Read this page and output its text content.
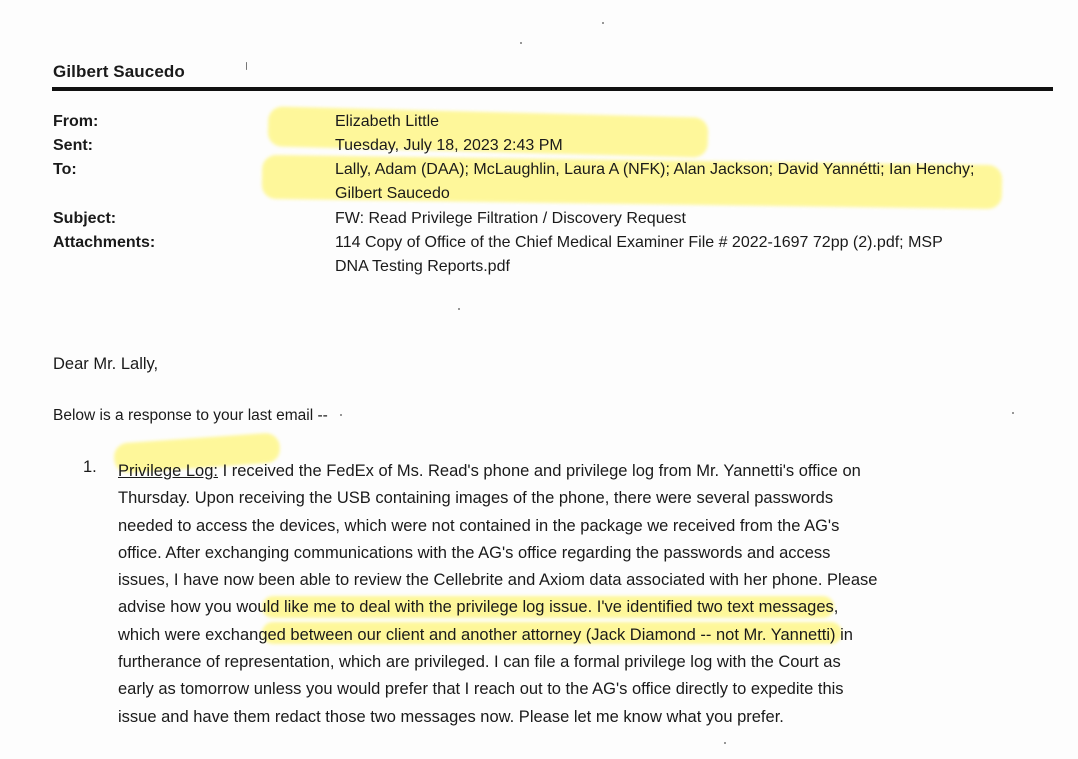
Gilbert Saucedo
From:	Elizabeth Little
Sent:	Tuesday, July 18, 2023 2:43 PM
To:	Lally, Adam (DAA); McLaughlin, Laura A (NFK); Alan Jackson; David Yannétti; Ian Henchy;
Gilbert Saucedo
Subject:	FW: Read Privilege Filtration / Discovery Request
Attachments:	114 Copy of Office of the Chief Medical Examiner File # 2022-1697 72pp (2).pdf; MSP
DNA Testing Reports.pdf
Dear Mr. Lally,
Below is a response to your last email --
1. Privilege Log: I received the FedEx of Ms. Read's phone and privilege log from Mr. Yannetti's office on
Thursday. Upon receiving the USB containing images of the phone, there were several passwords
needed to access the devices, which were not contained in the package we received from the AG's
office. After exchanging communications with the AG's office regarding the passwords and access
issues, I have now been able to review the Cellebrite and Axiom data associated with her phone. Please
advise how you would like me to deal with the privilege log issue. I've identified two text messages,
which were exchanged between our client and another attorney (Jack Diamond -- not Mr. Yannetti) in
furtherance of representation, which are privileged. I can file a formal privilege log with the Court as
early as tomorrow unless you would prefer that I reach out to the AG's office directly to expedite this
issue and have them redact those two messages now. Please let me know what you prefer.
